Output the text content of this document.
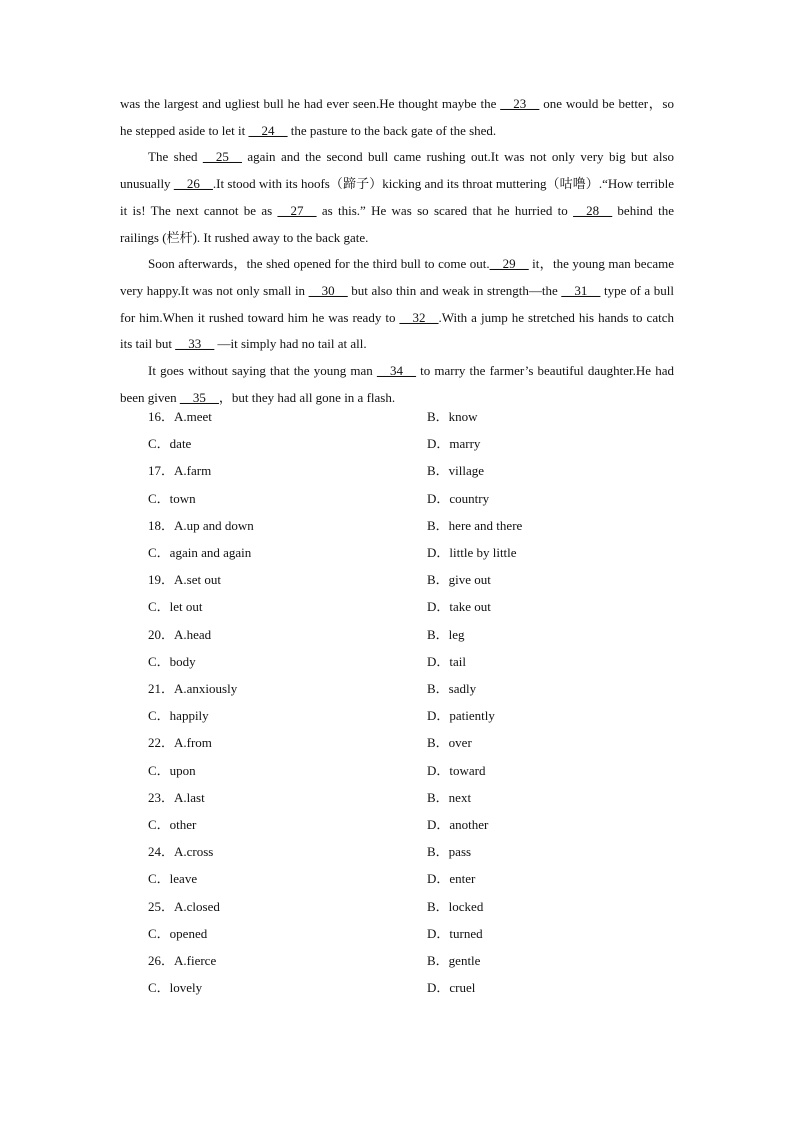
was the largest and ugliest bull he had ever seen.He thought maybe the __23__ one would be better，so he stepped aside to let it __24__ the pasture to the back gate of the shed.

The shed __25__ again and the second bull came rushing out.It was not only very big but also unusually __26__.It stood with its hoofs（蹄子）kicking and its throat muttering（咕噜）.“How terrible it is! The next cannot be as __27__ as this.” He was so scared that he hurried to __28__ behind the railings (栏杆). It rushed away to the back gate.

Soon afterwards，the shed opened for the third bull to come out.__29__ it，the young man became very happy.It was not only small in __30__ but also thin and weak in strength—the __31__ type of a bull for him.When it rushed toward him he was ready to __32__.With a jump he stretched his hands to catch its tail but __33__ —it simply had no tail at all.

It goes without saying that the young man __34__ to marry the farmer’s beautiful daughter.He had been given __35__，but they had all gone in a flash.

16．A.meet	B．know
C．date	D．marry
17．A.farm	B．village
C．town	D．country
18．A.up and down	B．here and there
C．again and again	D．little by little
19．A.set out	B．give out
C．let out	D．take out
20．A.head	B．leg
C．body	D．tail
21．A.anxiously	B．sadly
C．happily	D．patiently
22．A.from	B．over
C．upon	D．toward
23．A.last	B．next
C．other	D．another
24．A.cross	B．pass
C．leave	D．enter
25．A.closed	B．locked
C．opened	D．turned
26．A.fierce	B．gentle
C．lovely	D．cruel
